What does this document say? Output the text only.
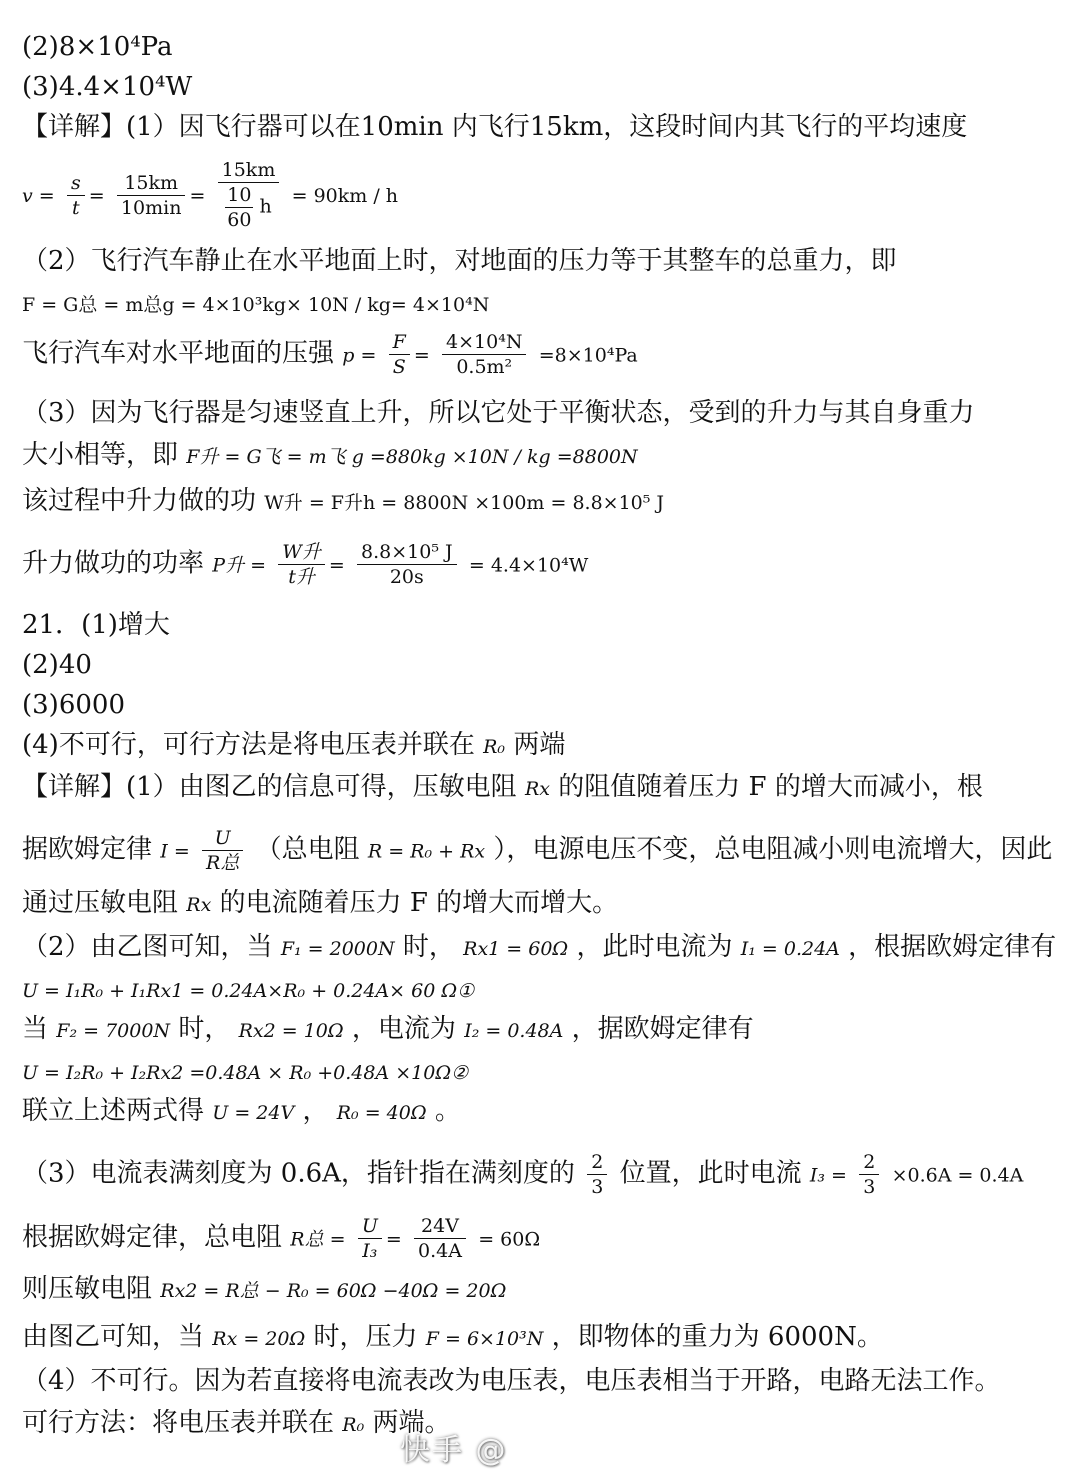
(2)8×10⁴Pa
(3)4.4×10⁴W
【详解】(1）因飞行器可以在10min 内飞行15km，这段时间内其飞行的平均速度
$v = \frac{s}{t} = \frac{15km}{10\min} = \frac{15km}{\frac{10}{60} h} = 90km / h$
（2）飞行汽车静止在水平地面上时，对地面的压力等于其整车的总重力，即
F = G总 = m总g = 4×10³kg× 10N / kg= 4×10⁴N
飞行汽车对水平地面的压强 $p = \frac{F}{S} = \frac{\text{4×10⁴N}}{\text{0.5m²}} =8\times 10^4Pa$
（3）因为飞行器是匀速竖直上升，所以它处于平衡状态，受到的升力与其自身重力
大小相等，即 F升 = G飞 = m飞 g =880kg ×10N / kg =8800N
该过程中升力做的功 W升 = F升h = 8800N ×100m = 8.8×10⁵ J
升力做功的功率 P升 = $\frac{\text{W升}}{\text{t升}} = \frac{\text{8.8×10⁵ J}}{20s} = 4.4\times 10^4W$
21．(1)增大
(2)40
(3)6000
(4)不可行，可行方法是将电压表并联在 R₀ 两端
【详解】(1）由图乙的信息可得，压敏电阻 Rx 的阻值随着压力 F 的增大而减小，根
据欧姆定律 $I = \frac{U}{\text{R总}}$ （总电阻 R = R₀ + Rx ），电源电压不变，总电阻减小则电流增大，因此
通过压敏电阻 Rx 的电流随着压力 F 的增大而增大。
（2）由乙图可知，当 F₁ = 2000N 时， Rx1 = 60Ω ，此时电流为 I₁ = 0.24A ，根据欧姆定律有
U = I₁R₀ + I₁Rx1 = 0.24A×R₀ + 0.24A× 60 Ω①
当 F₂ = 7000N 时， Rx2 = 10Ω ，电流为 I₂ = 0.48A ，据欧姆定律有
U = I₂R₀ + I₂Rx2 =0.48A × R₀ +0.48A ×10Ω②
联立上述两式得 U = 24V ， R₀ = 40Ω 。
（3）电流表满刻度为 0.6A，指针指在满刻度的 $\frac{2}{3}$ 位置，此时电流 $I_3 = \frac{2}{3} \times 0.6A = 0.4A$
根据欧姆定律，总电阻 R总 = $\frac{U}{\text{I₃}} = \frac{24V}{0.4A} = 60\Omega$
则压敏电阻 Rx2 = R总 − R₀ = 60Ω −40Ω = 20Ω
由图乙可知，当 Rx = 20Ω 时，压力 F = 6×10³N ，即物体的重力为 6000N。
（4）不可行。因为若直接将电流表改为电压表，电压表相当于开路，电路无法工作。
可行方法：将电压表并联在 R₀ 两端。
快手 @
